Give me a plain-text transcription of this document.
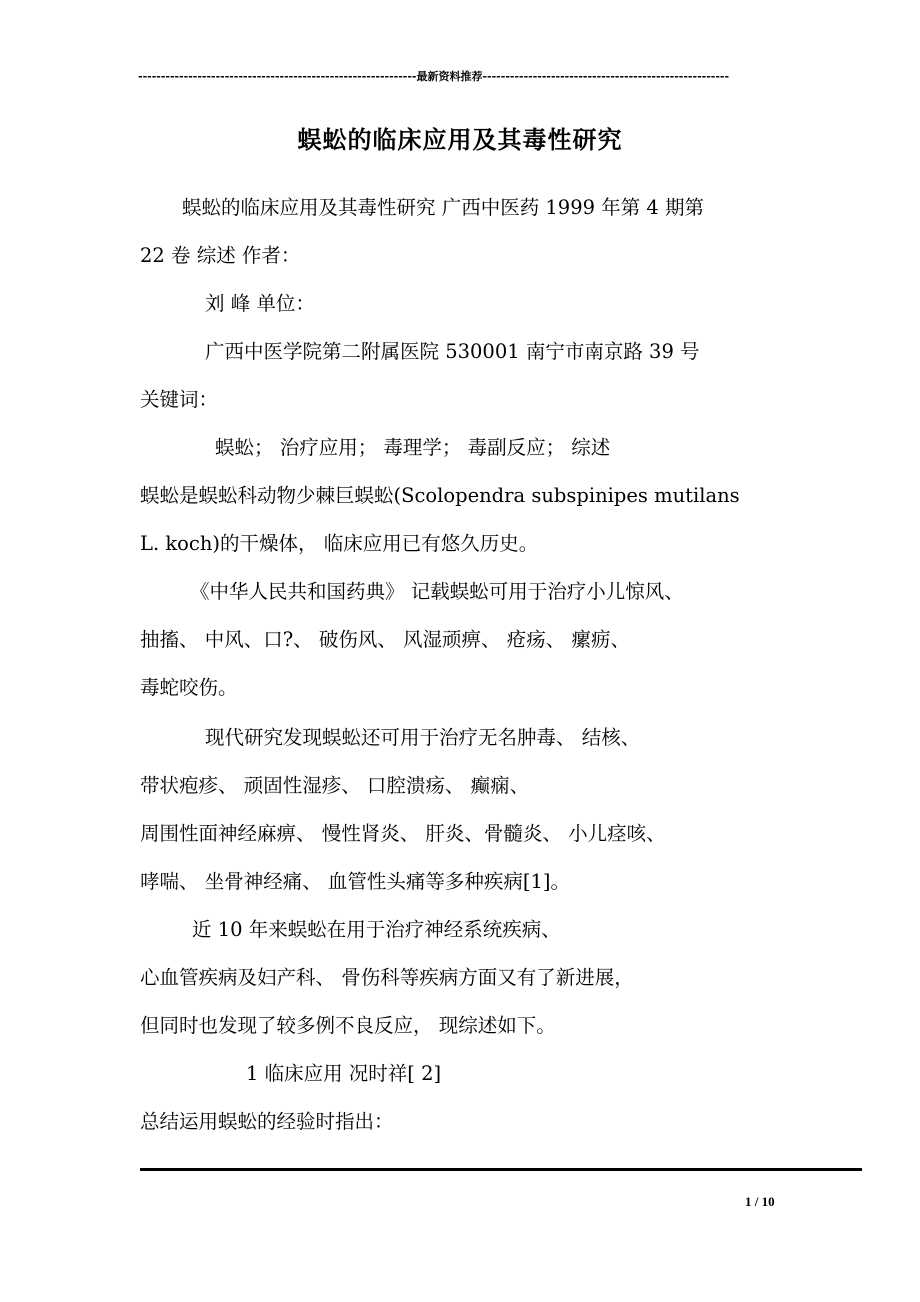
-------------------------------------------------------------最新资料推荐------------------------------------------------------
蜈蚣的临床应用及其毒性研究
蜈蚣的临床应用及其毒性研究 广西中医药 1999 年第 4 期第
22 卷 综述 作者：
刘 峰 单位：
广西中医学院第二附属医院 530001 南宁市南京路 39 号
关键词：
蜈蚣； 治疗应用； 毒理学； 毒副反应； 综述
蜈蚣是蜈蚣科动物少棘巨蜈蚣(Scolopendra subspinipes mutilans
L. koch)的干燥体， 临床应用已有悠久历史。
《中华人民共和国药典》 记载蜈蚣可用于治疗小儿惊风、
抽搐、 中风、口?、 破伤风、 风湿顽痹、 疮疡、 瘰疬、
毒蛇咬伤。
现代研究发现蜈蚣还可用于治疗无名肿毒、 结核、
带状疱疹、 顽固性湿疹、 口腔溃疡、 癫痫、
周围性面神经麻痹、 慢性肾炎、 肝炎、骨髓炎、 小儿痉咳、
哮喘、 坐骨神经痛、 血管性头痛等多种疾病[1]。
近 10 年来蜈蚣在用于治疗神经系统疾病、
心血管疾病及妇产科、 骨伤科等疾病方面又有了新进展，
但同时也发现了较多例不良反应， 现综述如下。
1 临床应用 况时祥[ 2]
总结运用蜈蚣的经验时指出：
1 / 10
